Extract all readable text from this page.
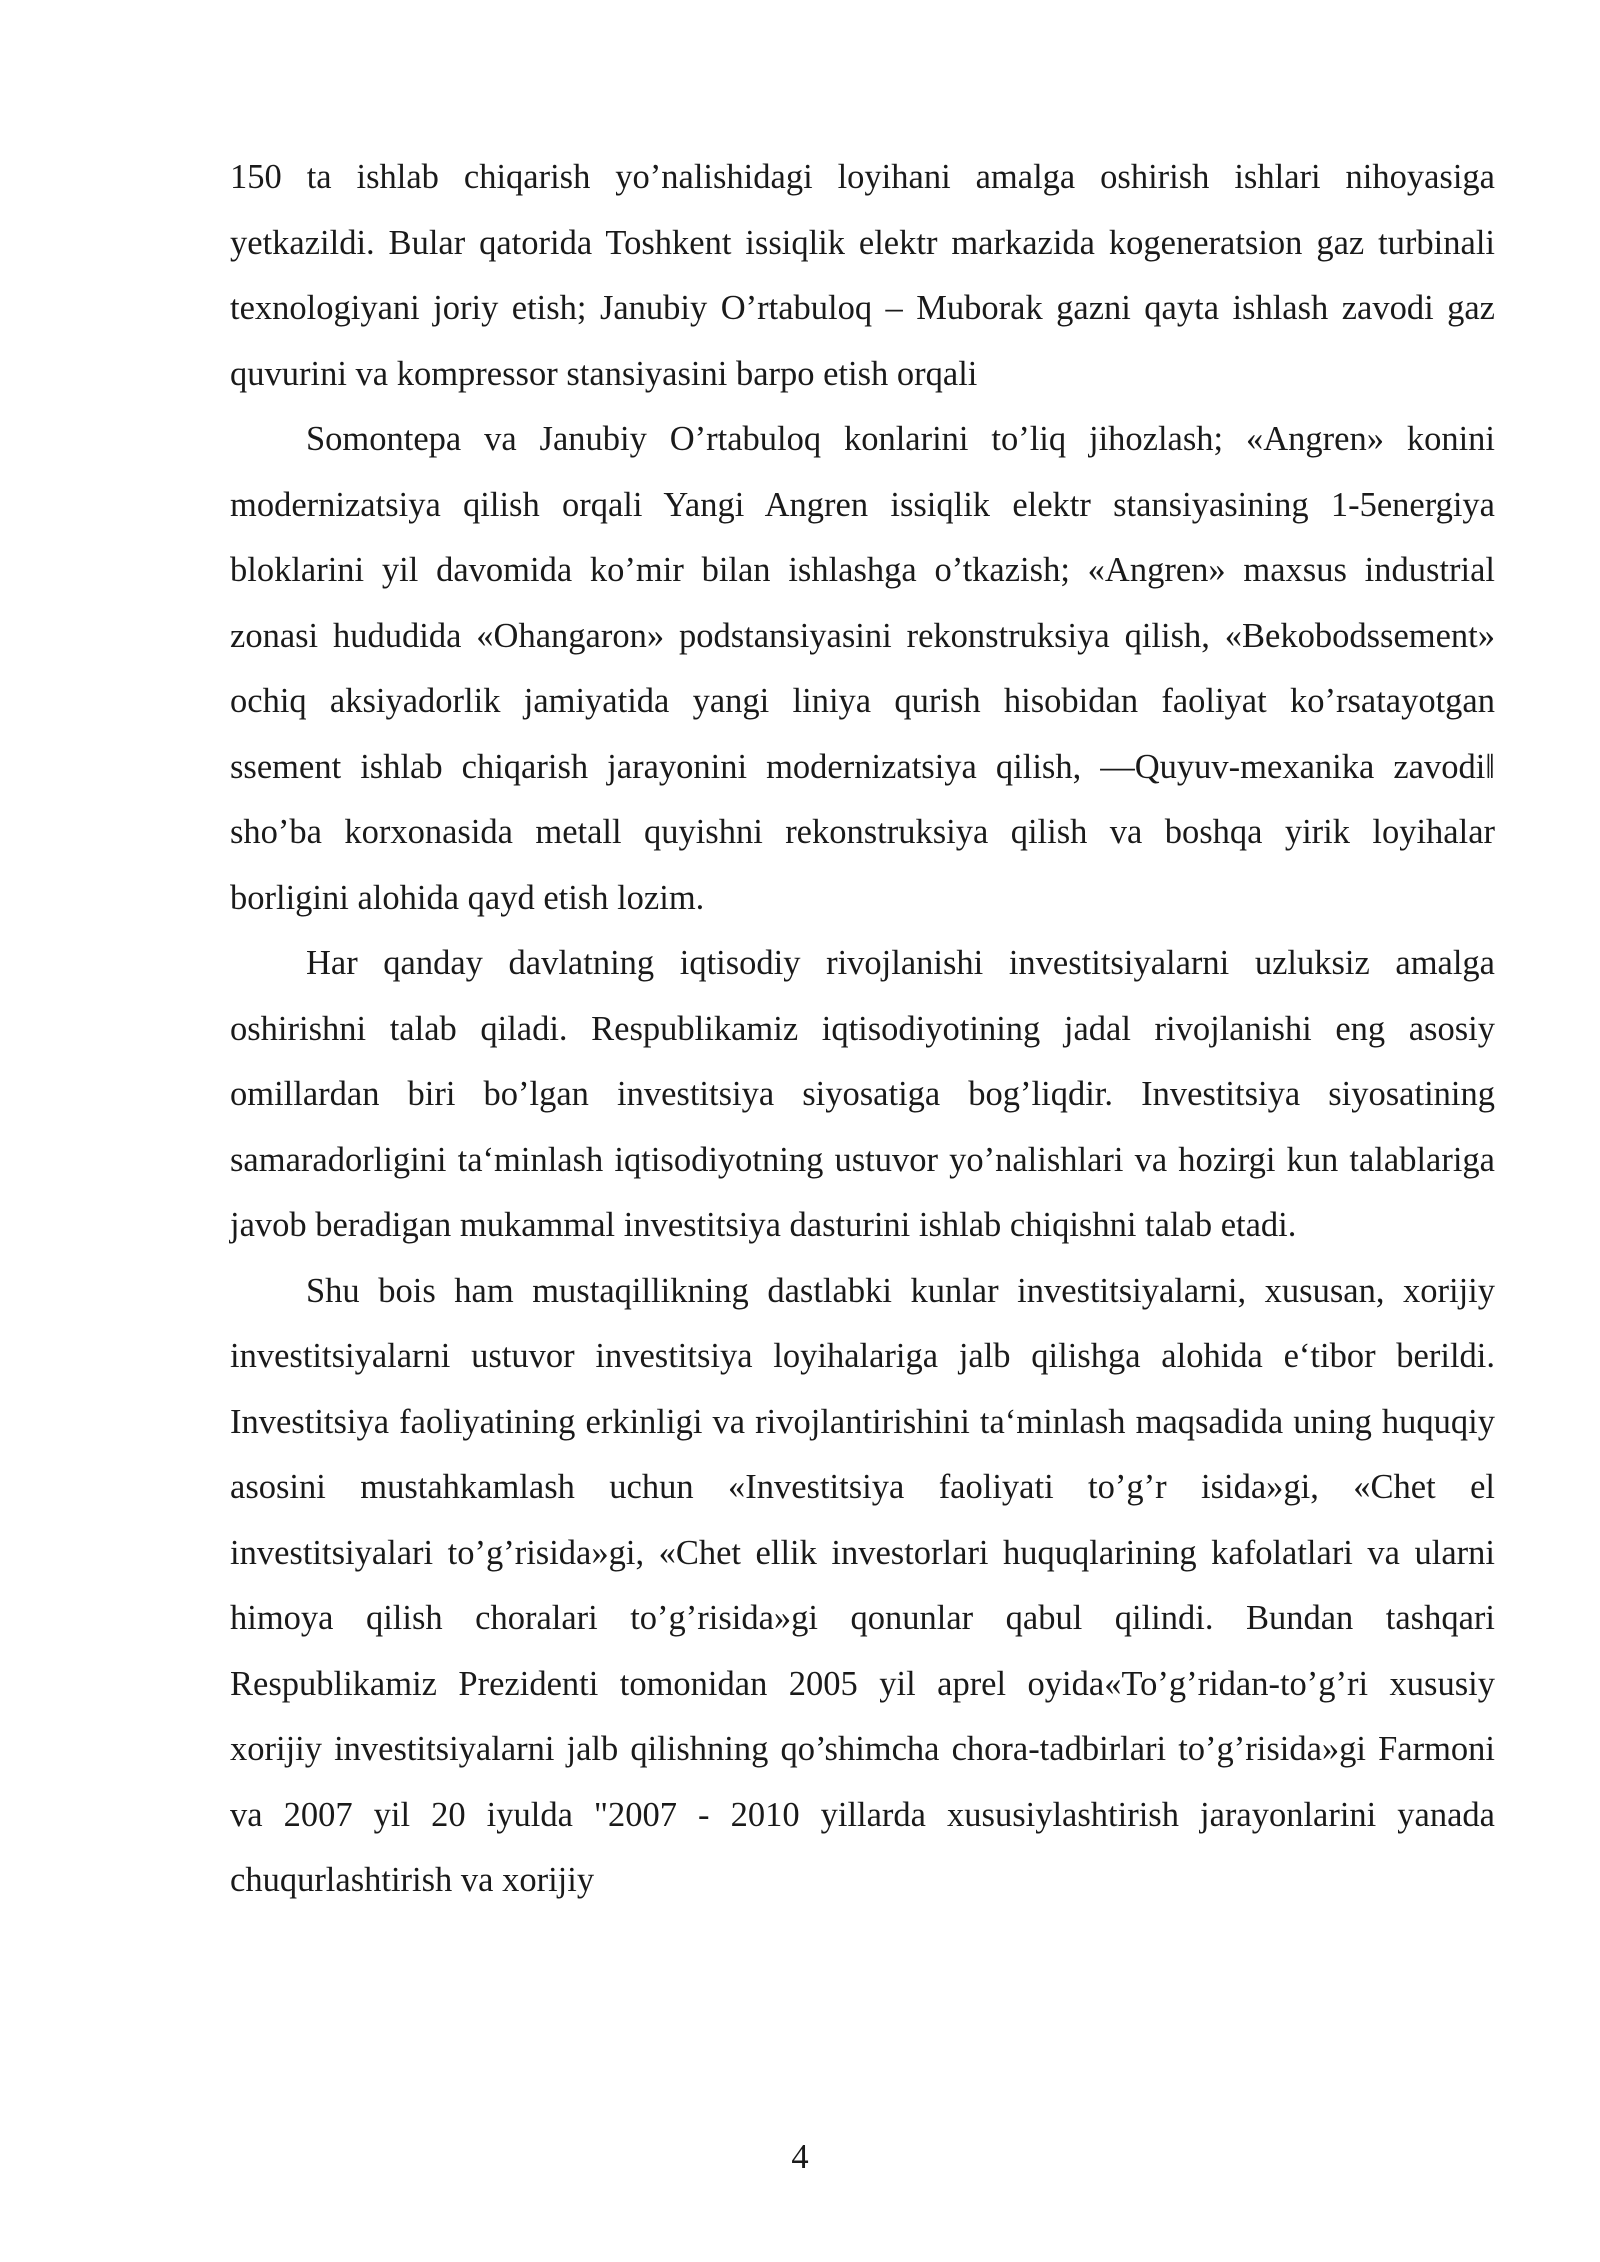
150 ta ishlab chiqarish yo’nalishidagi loyihani amalga oshirish ishlari nihoyasiga yetkazildi. Bular qatorida Toshkent issiqlik elektr markazida kogeneratsion gaz turbinali texnologiyani joriy etish; Janubiy O’rtabuloq – Muborak gazni qayta ishlash zavodi gaz quvurini va kompressor stansiyasini barpo etish orqali

Somontepa va Janubiy O’rtabuloq konlarini to’liq jihozlash; «Angren» konini modernizatsiya qilish orqali Yangi Angren issiqlik elektr stansiyasining 1-5energiya bloklarini yil davomida ko’mir bilan ishlashga o’tkazish; «Angren» maxsus industrial zonasi hududida «Ohangaron» podstansiyasini rekonstruksiya qilish, «Bekobodssement» ochiq aksiyadorlik jamiyatida yangi liniya qurish hisobidan faoliyat ko’rsatayotgan ssement ishlab chiqarish jarayonini modernizatsiya qilish, ―Quyuv-mexanika zavodi‖ sho’ba korxonasida metall quyishni rekonstruksiya qilish va boshqa yirik loyihalar borligini alohida qayd etish lozim.

Har qanday davlatning iqtisodiy rivojlanishi investitsiyalarni uzluksiz amalga oshirishni talab qiladi. Respublikamiz iqtisodiyotining jadal rivojlanishi eng asosiy omillardan biri bo’lgan investitsiya siyosatiga bog’liqdir. Investitsiya siyosatining samaradorligini ta‘minlash iqtisodiyotning ustuvor yo’nalishlari va hozirgi kun talablariga javob beradigan mukammal investitsiya dasturini ishlab chiqishni talab etadi.

Shu bois ham mustaqillikning dastlabki kunlar investitsiyalarni, xususan, xorijiy investitsiyalarni ustuvor investitsiya loyihalariga jalb qilishga alohida e‘tibor berildi. Investitsiya faoliyatining erkinligi va rivojlantirishini ta‘minlash maqsadida uning huquqiy asosini mustahkamlash uchun «Investitsiya faoliyati to’g’r isida»gi, «Chet el investitsiyalari to’g’risida»gi, «Chet ellik investorlari huquqlarining kafolatlari va ularni himoya qilish choralari to’g’risida»gi qonunlar qabul qilindi. Bundan tashqari Respublikamiz Prezidenti tomonidan 2005 yil aprel oyida«To’g’ridan-to’g’ri xususiy xorijiy investitsiyalarni jalb qilishning qo’shimcha chora-tadbirlari to’g’risida»gi Farmoni va 2007 yil 20 iyulda "2007 - 2010 yillarda xususiylashtirish jarayonlarini yanada chuqurlashtirish va xorijiy

4
